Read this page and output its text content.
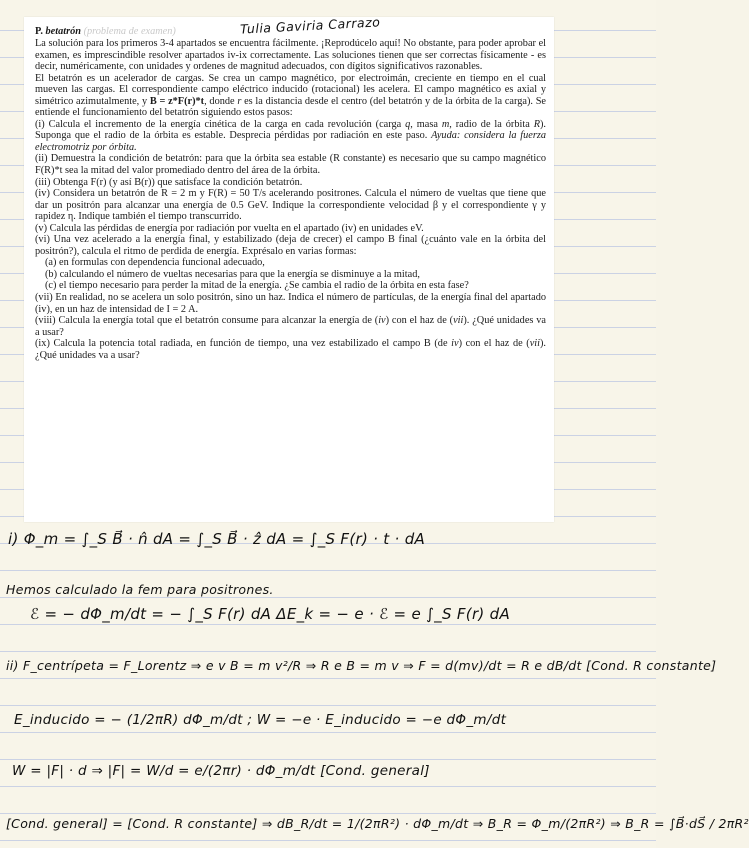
P. betatrón (problema de examen)	Tulia Gaviria Carrazo

La solución para los primeros 3-4 apartados se encuentra fácilmente. ¡Reprodúcelo aquí! No obstante, para poder aprobar el examen, es imprescindible resolver apartados iv-ix correctamente. Las soluciones tienen que ser correctas físicamente - es decir, numéricamente, con unidades y ordenes de magnitud adecuados, con dígitos significativos razonables.

El betatrón es un acelerador de cargas. Se crea un campo magnético, por electroimán, creciente en tiempo en el cual mueven las cargas. El correspondiente campo eléctrico inducido (rotacional) les acelera. El campo magnético es axial y simétrico azimutalmente, y B = z*F(r)*t, donde r es la distancia desde el centro (del betatrón y de la órbita de la carga). Se entiende el funcionamiento del betatrón siguiendo estos pasos:

(i) Calcula el incremento de la energía cinética de la carga en cada revolución (carga q, masa m, radio de la órbita R). Suponga que el radio de la órbita es estable. Desprecia pérdidas por radiación en este paso. Ayuda: considera la fuerza electromotriz por órbita.

(ii) Demuestra la condición de betatrón: para que la órbita sea estable (R constante) es necesario que su campo magnético F(R)*t sea la mitad del valor promediado dentro del área de la órbita.

(iii) Obtenga F(r) (y así B(r)) que satisface la condición betatrón.

(iv) Considera un betatrón de R = 2 m y F(R) = 50 T/s acelerando positrones. Calcula el número de vueltas que tiene que dar un positrón para alcanzar una energía de 0.5 GeV. Indique la correspondiente velocidad β y el correspondiente γ y rapidez η. Indique también el tiempo transcurrido.

(v) Calcula las pérdidas de energía por radiación por vuelta en el apartado (iv) en unidades eV.

(vi) Una vez acelerado a la energía final, y estabilizado (deja de crecer) el campo B final (¿cuánto vale en la órbita del positrón?), calcula el ritmo de perdida de energía. Exprésalo en varias formas:

(a) en formulas con dependencia funcional adecuado,

(b) calculando el número de vueltas necesarias para que la energía se disminuye a la mitad,

(c) el tiempo necesario para perder la mitad de la energía. ¿Se cambia el radio de la órbita en esta fase?

(vii) En realidad, no se acelera un solo positrón, sino un haz. Indica el número de partículas, de la energía final del apartado (iv), en un haz de intensidad de I = 2 A.

(viii) Calcula la energía total que el betatrón consume para alcanzar la energía de (iv) con el haz de (vii). ¿Qué unidades va a usar?

(ix) Calcula la potencia total radiada, en función de tiempo, una vez estabilizado el campo B (de iv) con el haz de (vii). ¿Qué unidades va a usar?

i) Φ_m = ∫_S B⃗ · n̂ dA = ∫_S B⃗ · ẑ dA = ∫_S F(r) · t · dA
Hemos calculado la fem para positrones.
ℰ = − dΦ_m/dt = − ∫_S F(r) dA ΔE_k = − e · ℰ = e ∫_S F(r) dA
ii) F_centrípeta = F_Lorentz ⇒ e v B = m v²/R ⇒ R e B = m v ⇒ F = d(mv)/dt = R e dB/dt [Cond. R constante]
E_inducido = − (1/2πR) dΦ_m/dt ; W = −e · E_inducido = −e dΦ_m/dt
W = |F| · d ⇒ |F| = W/d = e/(2πr) · dΦ_m/dt [Cond. general]
[Cond. general] = [Cond. R constante] ⇒ dB_R/dt = 1/(2πR²) · dΦ_m/dt ⇒ B_R = Φ_m/(2πR²) ⇒ B_R = ∫B⃗·dS⃗ / 2πR²
